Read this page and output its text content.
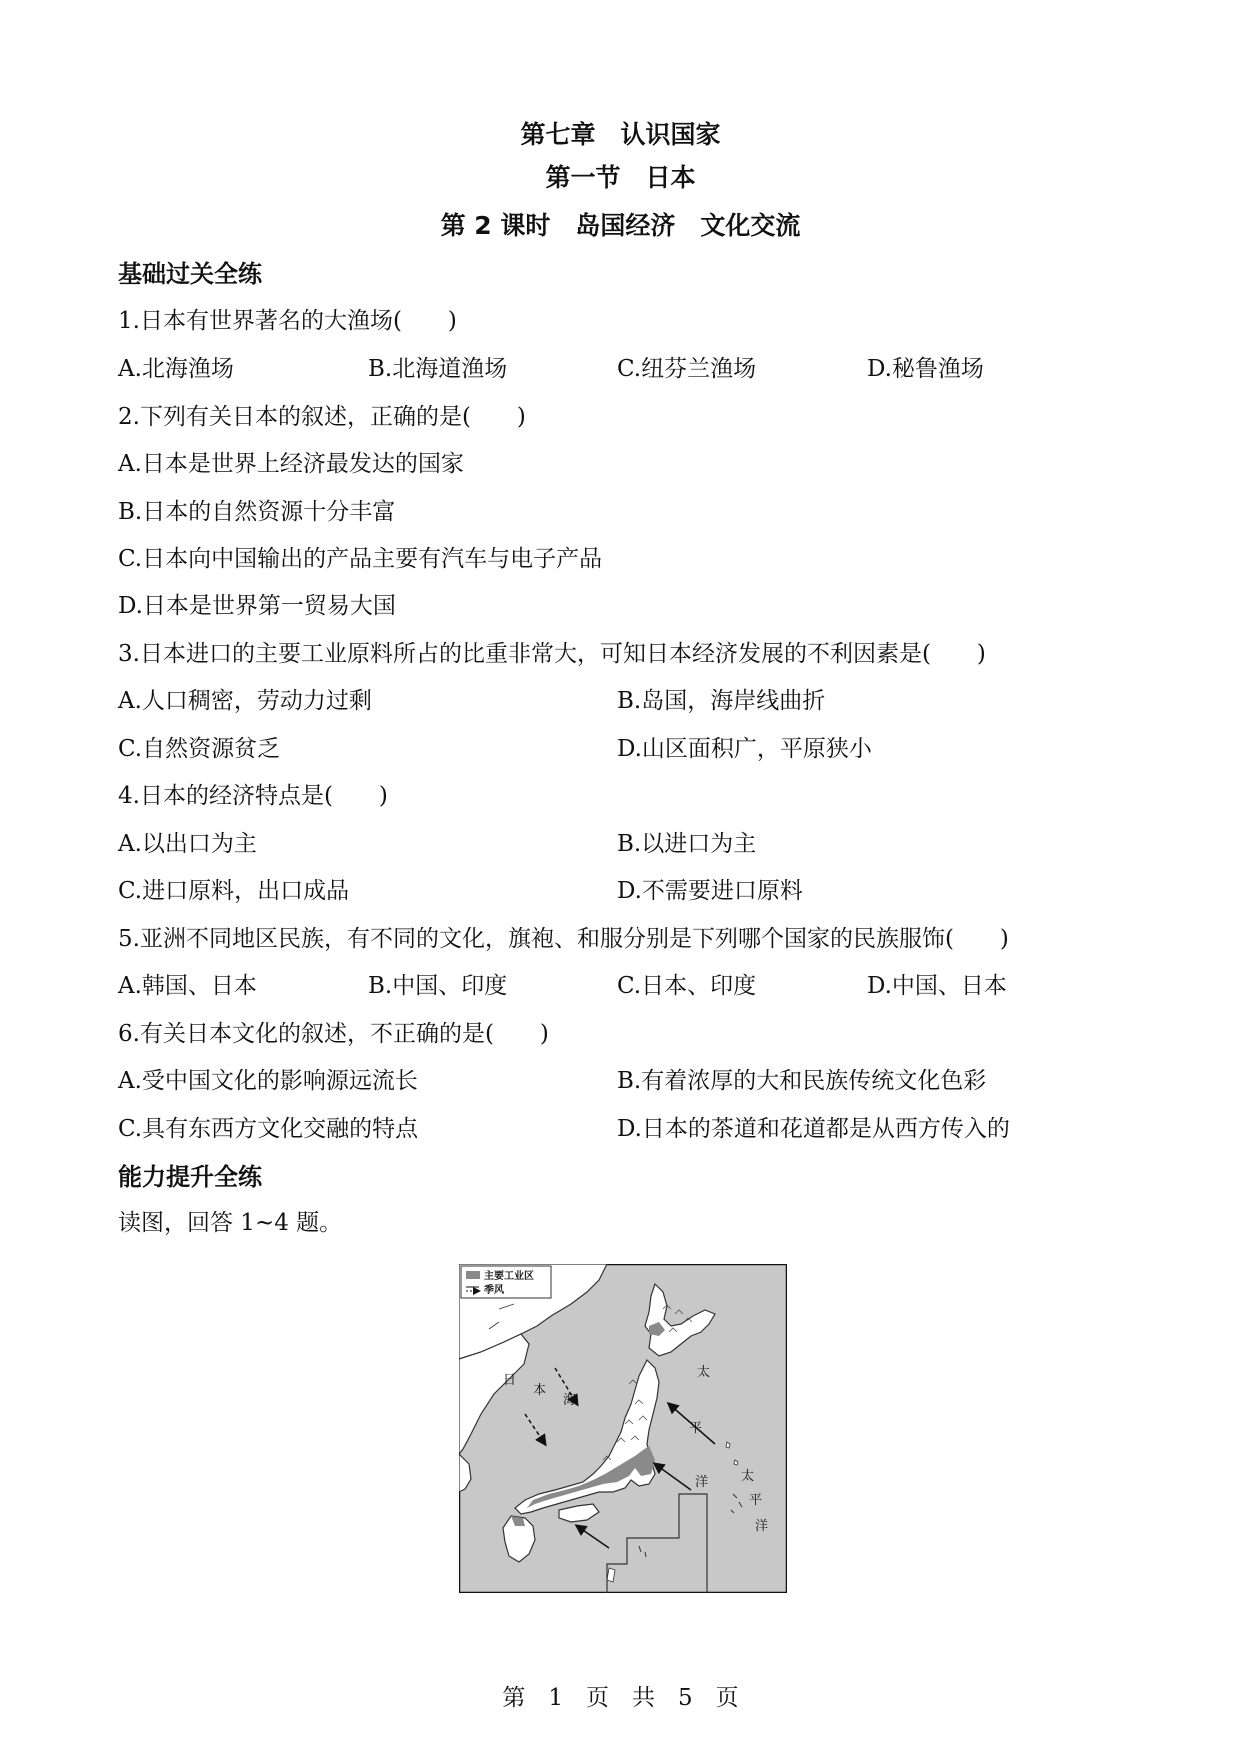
第七章　认识国家
第一节　日本
第 2 课时　岛国经济　文化交流
基础过关全练
1.日本有世界著名的大渔场(　　)
A.北海渔场	B.北海道渔场	C.纽芬兰渔场	D.秘鲁渔场
2.下列有关日本的叙述，正确的是(　　)
A.日本是世界上经济最发达的国家
B.日本的自然资源十分丰富
C.日本向中国输出的产品主要有汽车与电子产品
D.日本是世界第一贸易大国
3.日本进口的主要工业原料所占的比重非常大，可知日本经济发展的不利因素是(　　)
A.人口稠密，劳动力过剩	B.岛国，海岸线曲折
C.自然资源贫乏	D.山区面积广，平原狭小
4.日本的经济特点是(　　)
A.以出口为主	B.以进口为主
C.进口原料，出口成品	D.不需要进口原料
5.亚洲不同地区民族，有不同的文化，旗袍、和服分别是下列哪个国家的民族服饰(　　)
A.韩国、日本	B.中国、印度	C.日本、印度	D.中国、日本
6.有关日本文化的叙述，不正确的是(　　)
A.受中国文化的影响源远流长	B.有着浓厚的大和民族传统文化色彩
C.具有东西方文化交融的特点	D.日本的茶道和花道都是从西方传入的
能力提升全练
读图，回答 1~4 题。
日
本
海
太
平
洋	太
平
洋
主要工业区
季风
第　1　页　共　5　页
